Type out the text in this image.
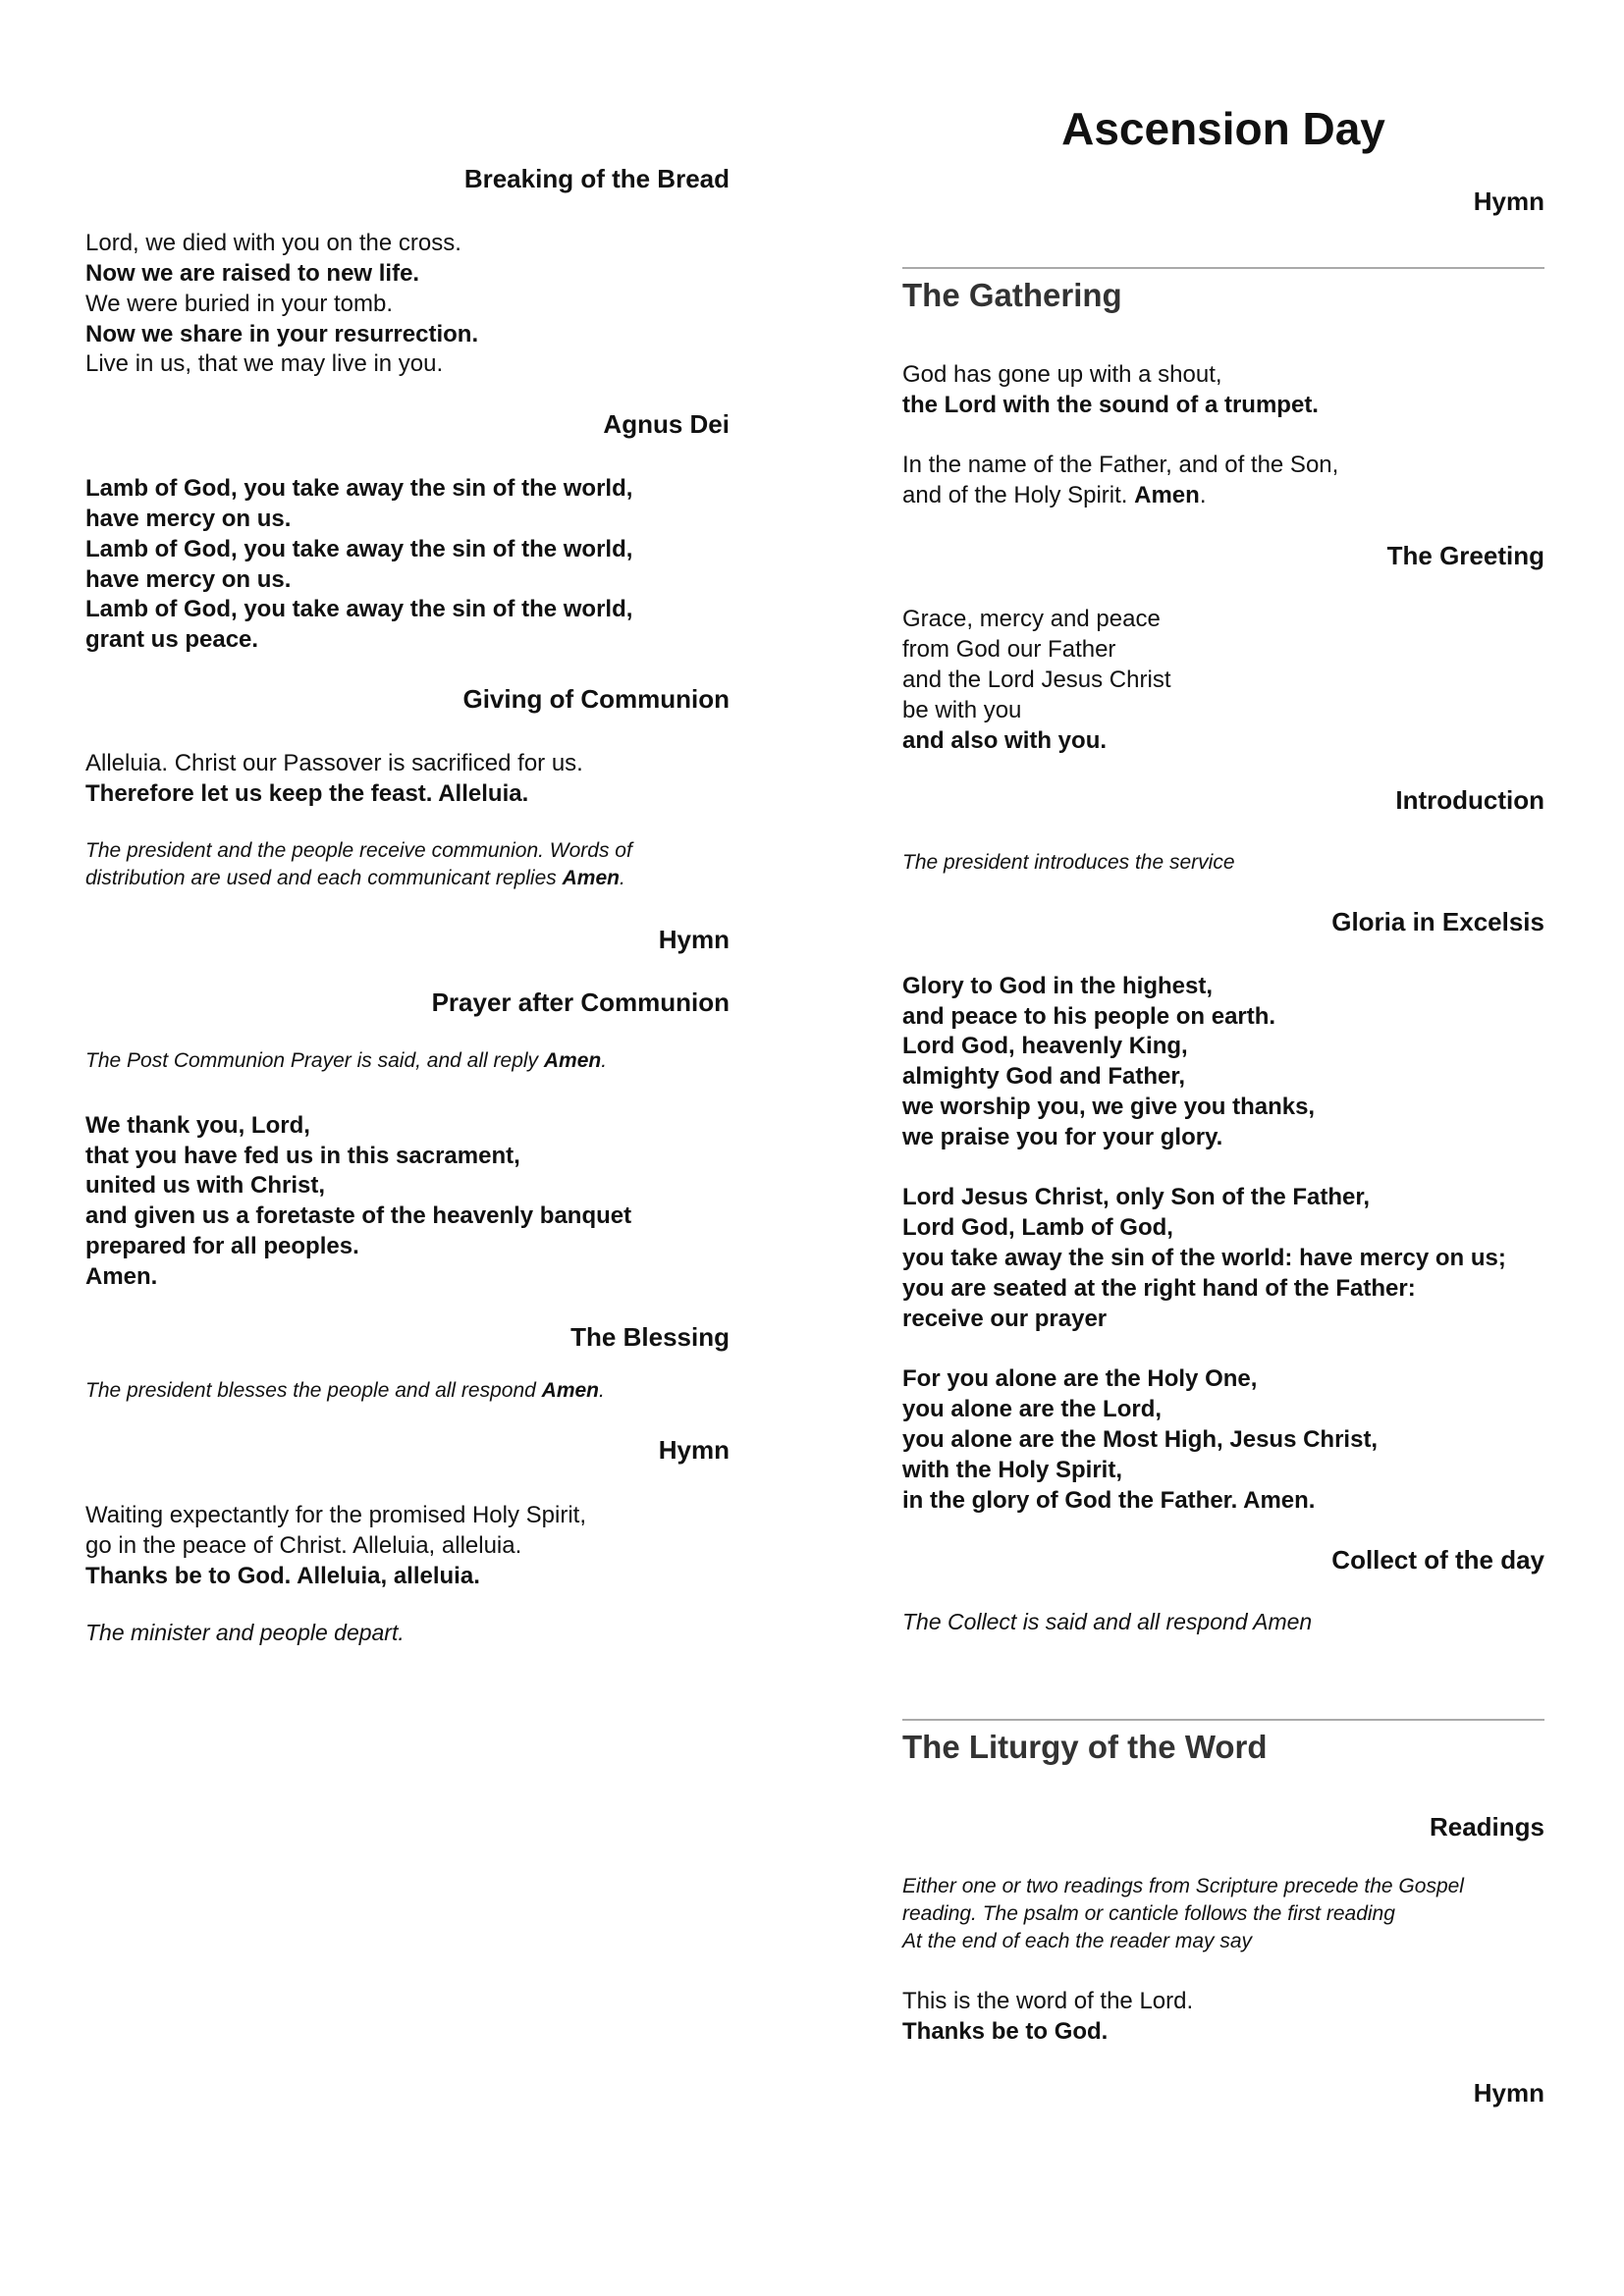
Breaking of the Bread

Lord, we died with you on the cross.

Now we are raised to new life.

We were buried in your tomb.

Now we share in your resurrection.

Live in us, that we may live in you.

Agnus Dei

Lamb of God, you take away the sin of the world,

have mercy on us.

Lamb of God, you take away the sin of the world,

have mercy on us.

Lamb of God, you take away the sin of the world,

grant us peace.

Giving of Communion

Alleluia. Christ our Passover is sacrificed for us.

Therefore let us keep the feast. Alleluia.

The president and the people receive communion. Words of

distribution are used and each communicant replies Amen.

Hymn
Prayer after Communion

The Post Communion Prayer is said, and all reply Amen.

We thank you, Lord,

that you have fed us in this sacrament,

united us with Christ,

and given us a foretaste of the heavenly banquet

prepared for all peoples.

Amen.

The Blessing

The president blesses the people and all respond Amen.

Hymn

Waiting expectantly for the promised Holy Spirit,

go in the peace of Christ. Alleluia, alleluia.

Thanks be to God. Alleluia, alleluia.

The minister and people depart.

Ascension Day
Hymn
The Gathering

God has gone up with a shout,

the Lord with the sound of a trumpet.

In the name of the Father, and of the Son,

and of the Holy Spirit. Amen.

The Greeting

Grace, mercy and peace

from God our Father

and the Lord Jesus Christ

be with you

and also with you.

Introduction

The president introduces the service

Gloria in Excelsis

Glory to God in the highest,

and peace to his people on earth.

Lord God, heavenly King,

almighty God and Father,

we worship you, we give you thanks,

we praise you for your glory.

Lord Jesus Christ, only Son of the Father,

Lord God, Lamb of God,

you take away the sin of the world: have mercy on us;

you are seated at the right hand of the Father:

receive our prayer

For you alone are the Holy One,

you alone are the Lord,

you alone are the Most High, Jesus Christ,

with the Holy Spirit,

in the glory of God the Father. Amen.

Collect of the day

The Collect is said and all respond Amen

The Liturgy of the Word
Readings

Either one or two readings from Scripture precede the Gospel

reading. The psalm or canticle follows the first reading

At the end of each the reader may say

This is the word of the Lord.

Thanks be to God.

Hymn
